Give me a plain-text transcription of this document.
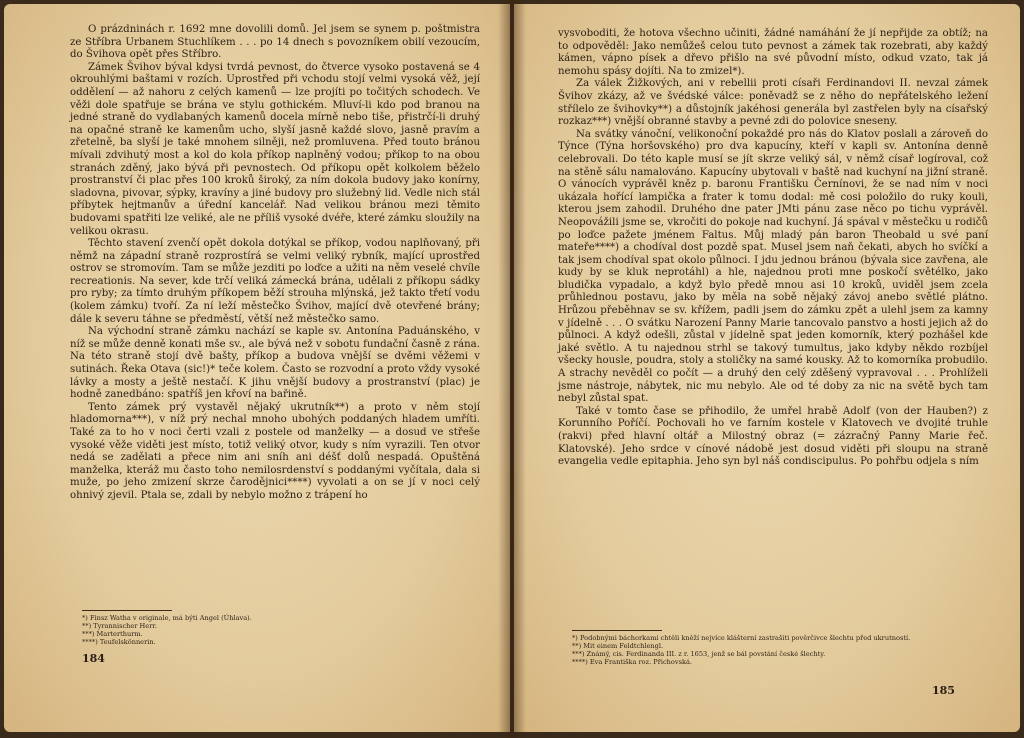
O prázdninách r. 1692 mne dovolili domů. Jel jsem se synem p. poštmistra ze Stříbra Urbanem Stuchlíkem . . . po 14 dnech s povozníkem obilí vezoucím, do Švihova opět přes Stříbro.

Zámek Švihov býval kdysi tvrdá pevnost, do čtverce vysoko postavená se 4 okrouhlými baštami v rozích. Uprostřed při vchodu stojí velmi vysoká věž, její oddělení — až nahoru z celých kamenů — lze projíti po točitých schodech. Ve věži dole spatřuje se brána ve stylu gothickém. Mluví-li kdo pod branou na jedné straně do vydlabaných kamenů docela mírně nebo tiše, přistrčí-li druhý na opačné straně ke kamenům ucho, slyší jasně každé slovo, jasně pravím a zřetelně, ba slyší je také mnohem silněji, než promluvena. Před touto bránou mívali zdvihutý most a kol do kola příkop naplněný vodou; příkop to na obou stranách zděný, jako bývá při pevnostech. Od příkopu opět kolkolem běželo prostranství či plac přes 100 kroků široký, za ním dokola budovy jako konírny, sladovna, pivovar, sýpky, kravíny a jiné budovy pro služebný lid. Vedle nich stál příbytek hejtmanův a úřední kancelář. Nad velikou bránou mezi těmito budovami spatřiti lze veliké, ale ne příliš vysoké dvéře, které zámku sloužily na velikou okrasu.

Těchto stavení zvenčí opět dokola dotýkal se příkop, vodou naplňovaný, při němž na západní straně rozprostírá se velmi veliký rybník, mající uprostřed ostrov se stromovím. Tam se může jezditi po loďce a užiti na něm veselé chvíle recreationis. Na sever, kde trčí veliká zámecká brána, udělali z příkopu sádky pro ryby; za tímto druhým příkopem běží strouha mlýnská, jež takto třetí vodu (kolem zámku) tvoří. Za ní leží městečko Švihov, mající dvě otevřené brány; dále k severu táhne se předměstí, větší než městečko samo.

Na východní straně zámku nachází se kaple sv. Antonína Paduánského, v níž se může denně konati mše sv., ale bývá než v sobotu fundační časně z rána. Na této straně stojí dvě bašty, příkop a budova vnější se dvěmi věžemi v sutinách. Řeka Otava (sic!)* teče kolem. Často se rozvodní a proto vždy vysoké lávky a mosty a ještě nestačí. K jihu vnější budovy a prostranství (plac) je hodně zanedbáno: spatříš jen křoví na bařině.

Tento zámek prý vystavěl nějaký ukrutník**) a proto v něm stojí hladomorna***), v níž prý nechal mnoho ubohých poddaných hladem umříti. Také za to ho v noci čerti vzali z postele od manželky — a dosud ve střeše vysoké věže viděti jest místo, totiž veliký otvor, kudy s ním vyrazili. Ten otvor nedá se zadělati a přece nim ani sníh ani déšť dolů nespadá. Opuštěná manželka, kteráž mu často toho nemilosrdenství s poddanými vyčítala, dala si muže, po jeho zmizení skrze čarodějnici****) vyvolati a on se jí v noci celý ohnivý zjevil. Ptala se, zdali by nebylo možno z trápení ho

*) Finsz Watha v originale, má býti Angel (Úhlava).
**) Tyrannischer Herr.
***) Marterthurm.
****) Teufelskönnerin.
184

vysvoboditi, že hotova všechno učiniti, žádné namáhání že jí nepřijde za obtíž; na to odpověděl: Jako nemůžeš celou tuto pevnost a zámek tak rozebrati, aby každý kámen, vápno písek a dřevo přišlo na své původní místo, odkud vzato, tak já nemohu spásy dojíti. Na to zmizel*).

Za válek Žižkových, ani v rebellii proti císaři Ferdinandovi II. nevzal zámek Švihov zkázy, až ve švédské válce: poněvadž se z něho do nepřátelského ležení střílelo ze švihovky**) a důstojník jakéhosi generála byl zastřelen byly na císařský rozkaz***) vnější obranné stavby a pevné zdi do polovice sneseny.

Na svátky vánoční, velikonoční pokaždé pro nás do Klatov poslali a zároveň do Týnce (Týna horšovského) pro dva kapucíny, kteří v kapli sv. Antonína denně celebrovali. Do této kaple musí se jít skrze veliký sál, v němž císař logíroval, což na stěně sálu namalováno. Kapucíny ubytovali v baště nad kuchyní na jižní straně. O vánocích vyprávěl kněz p. baronu Františku Černínovi, že se nad ním v noci ukázala hořící lampička a frater k tomu dodal: mě cosi položilo do ruky kouli, kterou jsem zahodil. Druhého dne pater JMti pánu zase něco po tichu vyprávěl. Neopovážili jsme se, vkročiti do pokoje nad kuchyní. Já spával v městečku u rodičů po loďce pažete jménem Faltus. Můj mladý pán baron Theobald u své paní mateře****) a chodíval dost pozdě spat. Musel jsem naň čekati, abych ho svíčkí a tak jsem chodíval spat okolo půlnoci. I jdu jednou bránou (bývala sice zavřena, ale kudy by se kluk neprotáhl) a hle, najednou proti mne poskočí světélko, jako bludička vypadalo, a když bylo předě mnou asi 10 kroků, uviděl jsem zcela průhlednou postavu, jako by měla na sobě nějaký závoj anebo světlé plátno. Hrůzou přeběhnav se sv. křížem, padli jsem do zámku zpět a ulehl jsem za kamny v jídelně . . . O svátku Narození Panny Marie tancovalo panstvo a hosti jejich až do půlnoci. A když odešli, zůstal v jídelně spat jeden komorník, který pozhášel kde jaké světlo. A tu najednou strhl se takový tumultus, jako kdyby někdo rozbíjel všecky housle, poudra, stoly a stoličky na samé kousky. Až to komorníka probudilo. A strachy nevěděl co počít — a druhý den celý zděšený vypravoval . . . Prohlíželi jsme nástroje, nábytek, nic mu nebylo. Ale od té doby za nic na světě bych tam nebyl zůstal spat.

Také v tomto čase se přihodilo, že umřel hrabě Adolf (von der Hauben?) z Korunního Poříčí. Pochovali ho ve farním kostele v Klatovech ve dvojité truhle (rakvi) před hlavní oltář a Milostný obraz (= zázračný Panny Marie řeč. Klatovské). Jeho srdce v cínové nádobě jest dosud viděti při sloupu na straně evangelia vedle epitaphia. Jeho syn byl náš condiscipulus. Po pohřbu odjela s ním

*) Podobnými báchorkami chtěli kněží nejvíce klášterní zastrašiti pověrčivce šlechtu před ukrutností.
**) Mit einem Feldtchlengl.
***) Známý, cis. Ferdinanda III. z r. 1653, jenž se bál povstání české šlechty.
****) Eva Františka roz. Přichovská.
185
